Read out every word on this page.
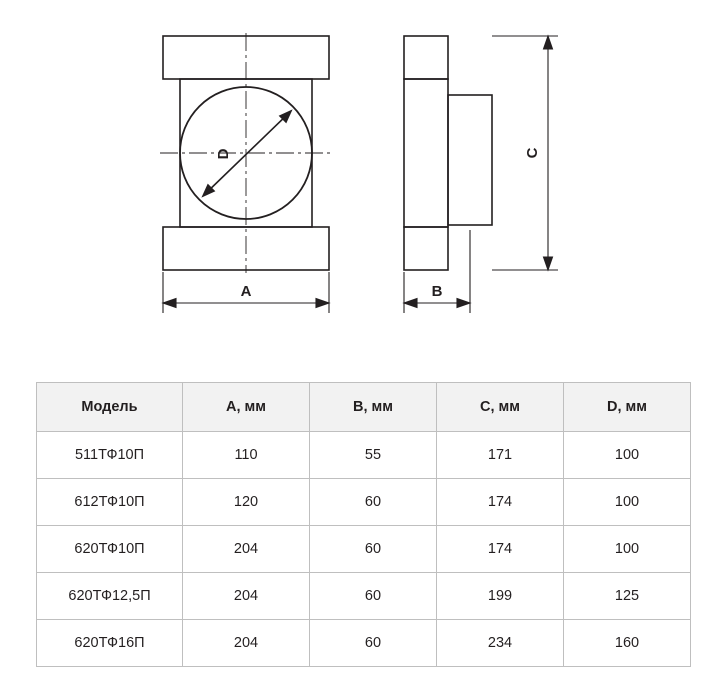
A	B
C
D
Модель	A, мм	B, мм	C, мм	D, мм
511ТФ10П	110	55	171	100
612ТФ10П	120	60	174	100
620ТФ10П	204	60	174	100
620ТФ12,5П	204	60	199	125
620ТФ16П	204	60	234	160
